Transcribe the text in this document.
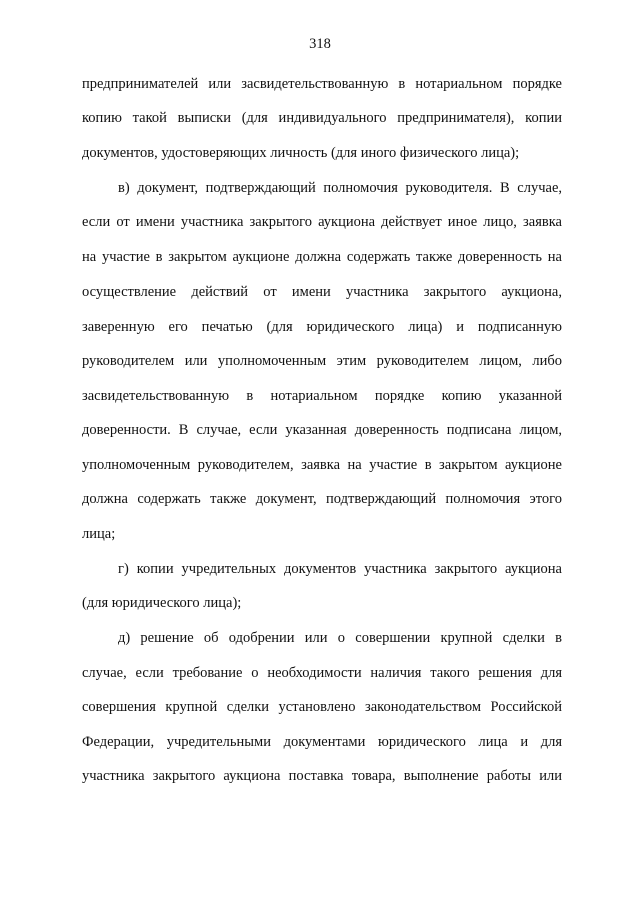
318
предпринимателей или засвидетельствованную в нотариальном порядке
копию такой выписки (для индивидуального предпринимателя), копии
документов, удостоверяющих личность (для иного физического лица);
в) документ, подтверждающий полномочия руководителя. В случае,
если от имени участника закрытого аукциона действует иное лицо, заявка
на участие в закрытом аукционе должна содержать также доверенность на
осуществление действий от имени участника закрытого аукциона,
заверенную его печатью (для юридического лица) и подписанную
руководителем или уполномоченным этим руководителем лицом, либо
засвидетельствованную в нотариальном порядке копию указанной
доверенности. В случае, если указанная доверенность подписана лицом,
уполномоченным руководителем, заявка на участие в закрытом аукционе
должна содержать также документ, подтверждающий полномочия этого
лица;
г) копии учредительных документов участника закрытого аукциона
(для юридического лица);
д) решение об одобрении или о совершении крупной сделки в
случае, если требование о необходимости наличия такого решения для
совершения крупной сделки установлено законодательством Российской
Федерации, учредительными документами юридического лица и для
участника закрытого аукциона поставка товара, выполнение работы или
